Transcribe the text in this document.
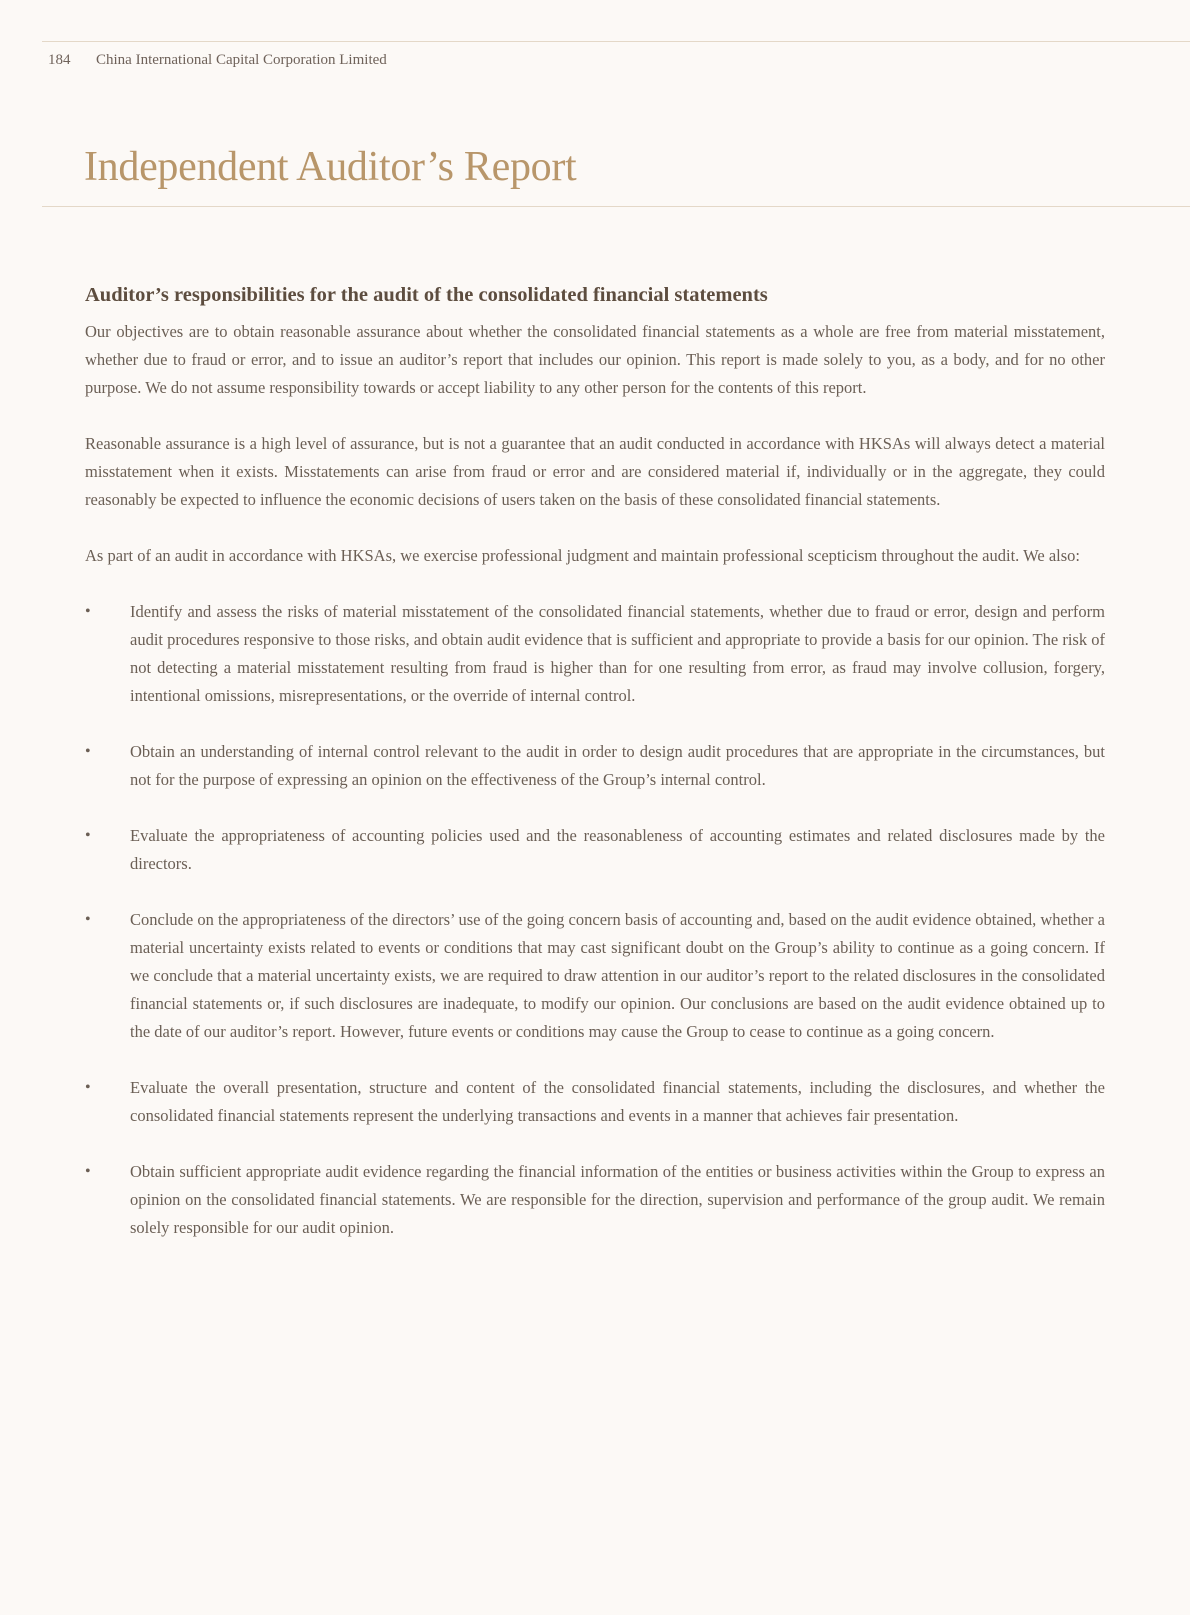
184 China International Capital Corporation Limited
Independent Auditor’s Report
Auditor’s responsibilities for the audit of the consolidated financial statements

Our objectives are to obtain reasonable assurance about whether the consolidated financial statements as a whole are free from material misstatement, whether due to fraud or error, and to issue an auditor’s report that includes our opinion. This report is made solely to you, as a body, and for no other purpose. We do not assume responsibility towards or accept liability to any other person for the contents of this report.

Reasonable assurance is a high level of assurance, but is not a guarantee that an audit conducted in accordance with HKSAs will always detect a material misstatement when it exists. Misstatements can arise from fraud or error and are considered material if, individually or in the aggregate, they could reasonably be expected to influence the economic decisions of users taken on the basis of these consolidated financial statements.

As part of an audit in accordance with HKSAs, we exercise professional judgment and maintain professional scepticism throughout the audit. We also:

• Identify and assess the risks of material misstatement of the consolidated financial statements, whether due to fraud or error, design and perform audit procedures responsive to those risks, and obtain audit evidence that is sufficient and appropriate to provide a basis for our opinion. The risk of not detecting a material misstatement resulting from fraud is higher than for one resulting from error, as fraud may involve collusion, forgery, intentional omissions, misrepresentations, or the override of internal control.
• Obtain an understanding of internal control relevant to the audit in order to design audit procedures that are appropriate in the circumstances, but not for the purpose of expressing an opinion on the effectiveness of the Group’s internal control.
• Evaluate the appropriateness of accounting policies used and the reasonableness of accounting estimates and related disclosures made by the directors.
• Conclude on the appropriateness of the directors’ use of the going concern basis of accounting and, based on the audit evidence obtained, whether a material uncertainty exists related to events or conditions that may cast significant doubt on the Group’s ability to continue as a going concern. If we conclude that a material uncertainty exists, we are required to draw attention in our auditor’s report to the related disclosures in the consolidated financial statements or, if such disclosures are inadequate, to modify our opinion. Our conclusions are based on the audit evidence obtained up to the date of our auditor’s report. However, future events or conditions may cause the Group to cease to continue as a going concern.
• Evaluate the overall presentation, structure and content of the consolidated financial statements, including the disclosures, and whether the consolidated financial statements represent the underlying transactions and events in a manner that achieves fair presentation.
• Obtain sufficient appropriate audit evidence regarding the financial information of the entities or business activities within the Group to express an opinion on the consolidated financial statements. We are responsible for the direction, supervision and performance of the group audit. We remain solely responsible for our audit opinion.
